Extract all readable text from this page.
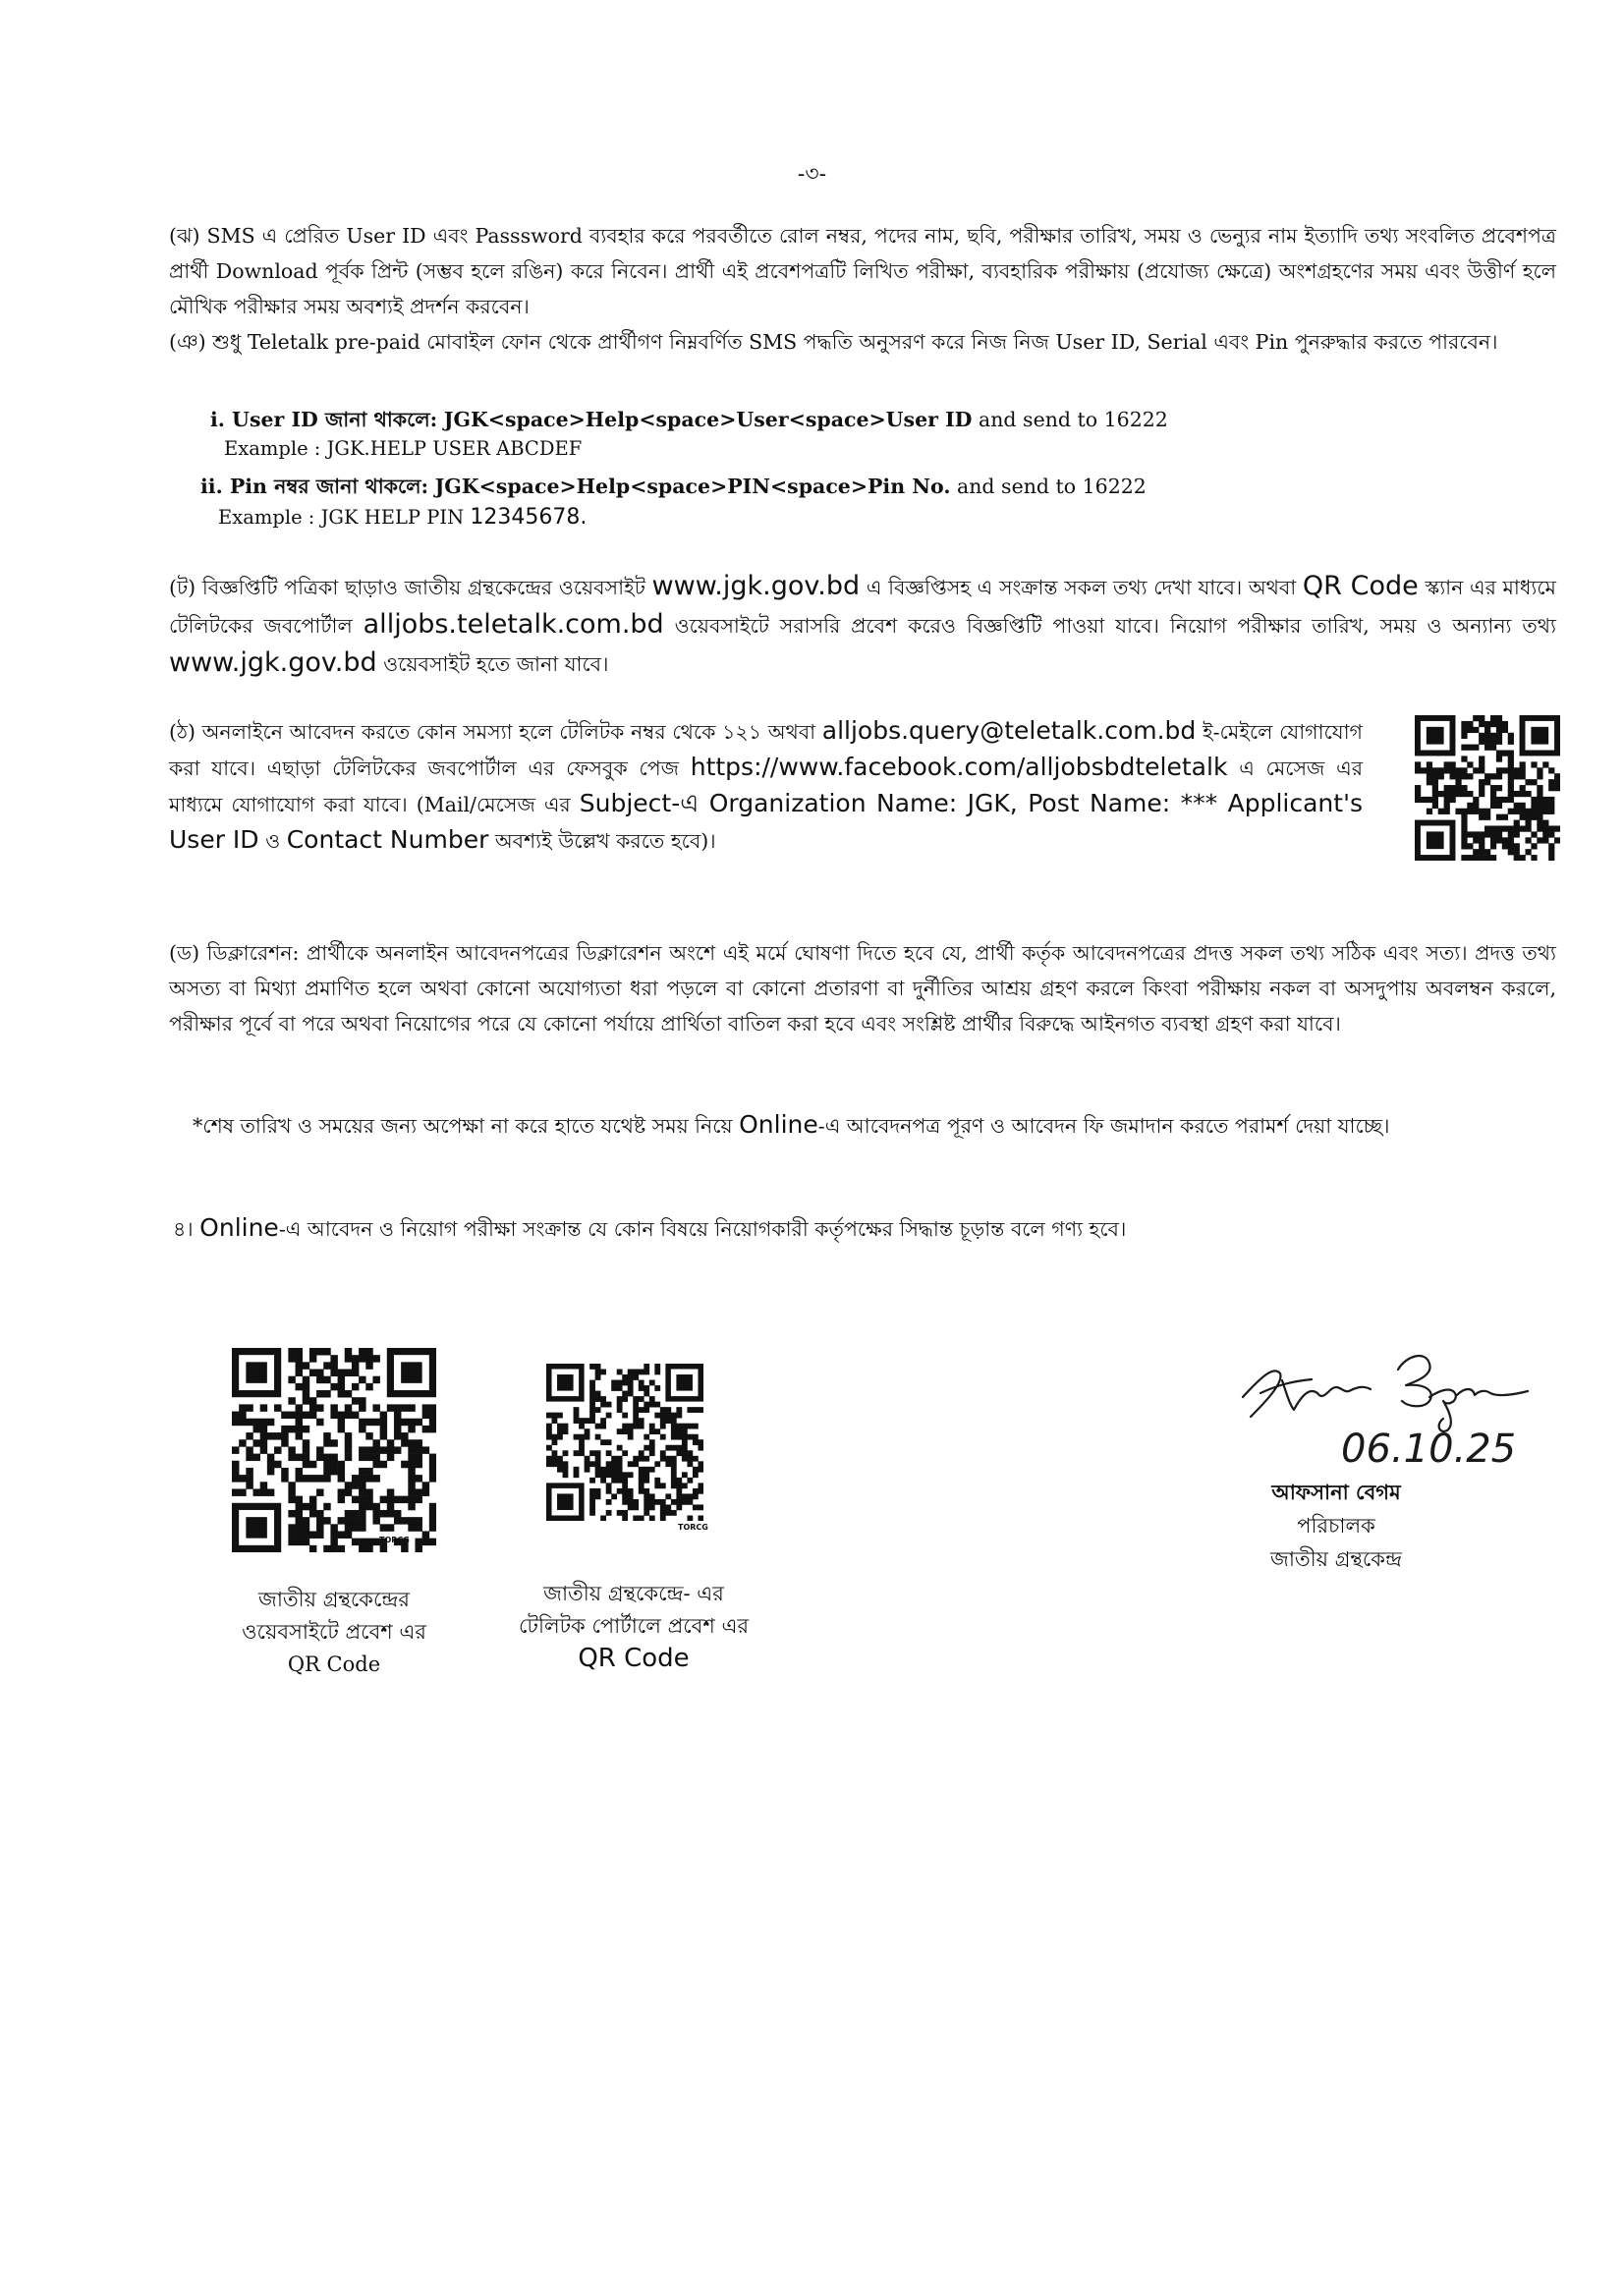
-৩-
(ঝ) SMS এ প্রেরিত User ID এবং Passsword ব্যবহার করে পরবর্তীতে রোল নম্বর, পদের নাম, ছবি, পরীক্ষার তারিখ, সময় ও ভেন্যুর নাম ইত্যাদি তথ্য সংবলিত প্রবেশপত্র প্রার্থী Download পূর্বক প্রিন্ট (সম্ভব হলে রঙিন) করে নিবেন। প্রার্থী এই প্রবেশপত্রটি লিখিত পরীক্ষা, ব্যবহারিক পরীক্ষায় (প্রযোজ্য ক্ষেত্রে) অংশগ্রহণের সময় এবং উত্তীর্ণ হলে মৌখিক পরীক্ষার সময় অবশ্যই প্রদর্শন করবেন।
(ঞ) শুধু Teletalk pre-paid মোবাইল ফোন থেকে প্রার্থীগণ নিম্নবর্ণিত SMS পদ্ধতি অনুসরণ করে নিজ নিজ User ID, Serial এবং Pin পুনরুদ্ধার করতে পারবেন।
i. User ID জানা থাকলে: JGK<space>Help<space>User<space>User ID and send to 16222
Example : JGK.HELP USER ABCDEF
ii. Pin নম্বর জানা থাকলে: JGK<space>Help<space>PIN<space>Pin No. and send to 16222
Example : JGK HELP PIN 12345678.
(ট) বিজ্ঞপ্তিটি পত্রিকা ছাড়াও জাতীয় গ্রন্থকেন্দ্রের ওয়েবসাইট www.jgk.gov.bd এ বিজ্ঞপ্তিসহ এ সংক্রান্ত সকল তথ্য দেখা যাবে। অথবা QR Code স্ক্যান এর মাধ্যমে টেলিটকের জবপোর্টাল alljobs.teletalk.com.bd ওয়েবসাইটে সরাসরি প্রবেশ করেও বিজ্ঞপ্তিটি পাওয়া যাবে। নিয়োগ পরীক্ষার তারিখ, সময় ও অন্যান্য তথ্য www.jgk.gov.bd ওয়েবসাইট হতে জানা যাবে।
(ঠ) অনলাইনে আবেদন করতে কোন সমস্যা হলে টেলিটক নম্বর থেকে ১২১ অথবা alljobs.query@teletalk.com.bd ই-মেইলে যোগাযোগ করা যাবে। এছাড়া টেলিটকের জবপোর্টাল এর ফেসবুক পেজ https://www.facebook.com/alljobsbdteletalk এ মেসেজ এর মাধ্যমে যোগাযোগ করা যাবে। (Mail/মেসেজ এর Subject-এ Organization Name: JGK, Post Name: *** Applicant's User ID ও Contact Number অবশ্যই উল্লেখ করতে হবে)।
(ড) ডিক্লারেশন: প্রার্থীকে অনলাইন আবেদনপত্রের ডিক্লারেশন অংশে এই মর্মে ঘোষণা দিতে হবে যে, প্রার্থী কর্তৃক আবেদনপত্রের প্রদত্ত সকল তথ্য সঠিক এবং সত্য। প্রদত্ত তথ্য অসত্য বা মিথ্যা প্রমাণিত হলে অথবা কোনো অযোগ্যতা ধরা পড়লে বা কোনো প্রতারণা বা দুর্নীতির আশ্রয় গ্রহণ করলে কিংবা পরীক্ষায় নকল বা অসদুপায় অবলম্বন করলে, পরীক্ষার পূর্বে বা পরে অথবা নিয়োগের পরে যে কোনো পর্যায়ে প্রার্থিতা বাতিল করা হবে এবং সংশ্লিষ্ট প্রার্থীর বিরুদ্ধে আইনগত ব্যবস্থা গ্রহণ করা যাবে।
*শেষ তারিখ ও সময়ের জন্য অপেক্ষা না করে হাতে যথেষ্ট সময় নিয়ে Online-এ আবেদনপত্র পূরণ ও আবেদন ফি জমাদান করতে পরামর্শ দেয়া যাচ্ছে।
৪। Online-এ আবেদন ও নিয়োগ পরীক্ষা সংক্রান্ত যে কোন বিষয়ে নিয়োগকারী কর্তৃপক্ষের সিদ্ধান্ত চূড়ান্ত বলে গণ্য হবে।
TORCG
জাতীয় গ্রন্থকেন্দ্রের
ওয়েবসাইটে প্রবেশ এর
QR Code
TORCG
জাতীয় গ্রন্থকেন্দ্রে- এর
টেলিটক পোর্টালে প্রবেশ এর
QR Code
06.10.25
আফসানা বেগম
পরিচালক
জাতীয় গ্রন্থকেন্দ্র
